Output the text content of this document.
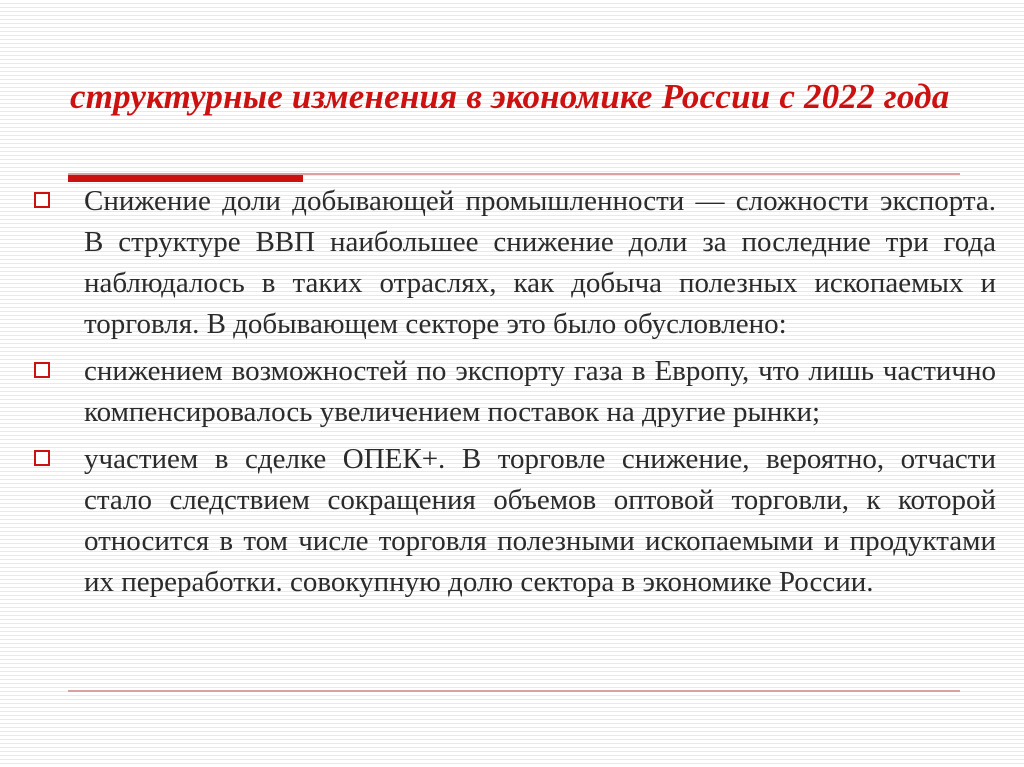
структурные изменения в экономике России с 2022 года
Снижение доли добывающей промышленности — сложности экспорта. В структуре ВВП наибольшее снижение доли за последние три года наблюдалось в таких отраслях, как добыча полезных ископаемых и торговля. В добывающем секторе это было обусловлено:
снижением возможностей по экспорту газа в Европу, что лишь частично компенсировалось увеличением поставок на другие рынки;
участием в сделке ОПЕК+. В торговле снижение, вероятно, отчасти стало следствием сокращения объемов оптовой торговли, к которой относится в том числе торговля полезными ископаемыми и продуктами их переработки. совокупную долю сектора в экономике России.
